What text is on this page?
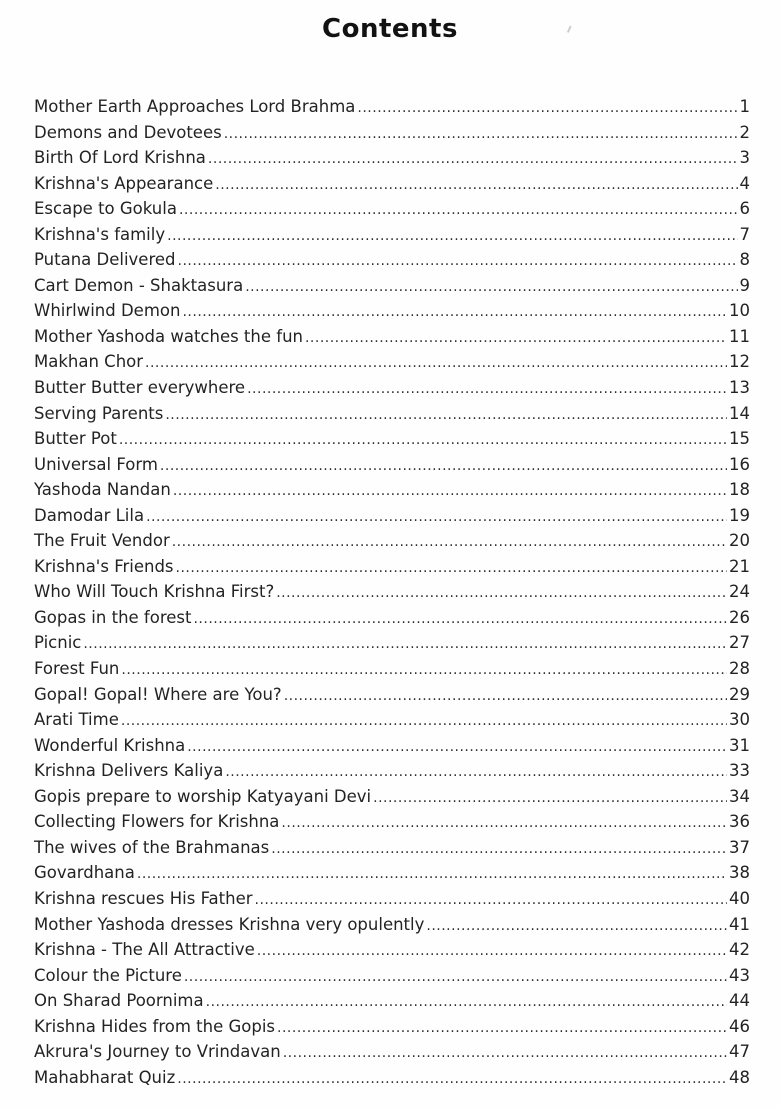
Contents
Mother Earth Approaches Lord Brahma .....	1
Demons and Devotees .....	2
Birth Of Lord Krishna .....	3
Krishna's Appearance .....	4
Escape to Gokula .....	6
Krishna's family .....	7
Putana Delivered .....	8
Cart Demon - Shaktasura .....	9
Whirlwind Demon .....	10
Mother Yashoda watches the fun .....	11
Makhan Chor .....	12
Butter Butter everywhere .....	13
Serving Parents .....	14
Butter Pot .....	15
Universal Form .....	16
Yashoda Nandan .....	18
Damodar Lila .....	19
The Fruit Vendor .....	20
Krishna's Friends .....	21
Who Will Touch Krishna First? .....	24
Gopas in the forest .....	26
Picnic .....	27
Forest Fun .....	28
Gopal! Gopal! Where are You? .....	29
Arati Time .....	30
Wonderful Krishna .....	31
Krishna Delivers Kaliya .....	33
Gopis prepare to worship Katyayani Devi .....	34
Collecting Flowers for Krishna .....	36
The wives of the Brahmanas .....	37
Govardhana .....	38
Krishna rescues His Father .....	40
Mother Yashoda dresses Krishna very opulently .....	41
Krishna - The All Attractive .....	42
Colour the Picture .....	43
On Sharad Poornima .....	44
Krishna Hides from the Gopis .....	46
Akrura's Journey to Vrindavan .....	47
Mahabharat Quiz .....	48
